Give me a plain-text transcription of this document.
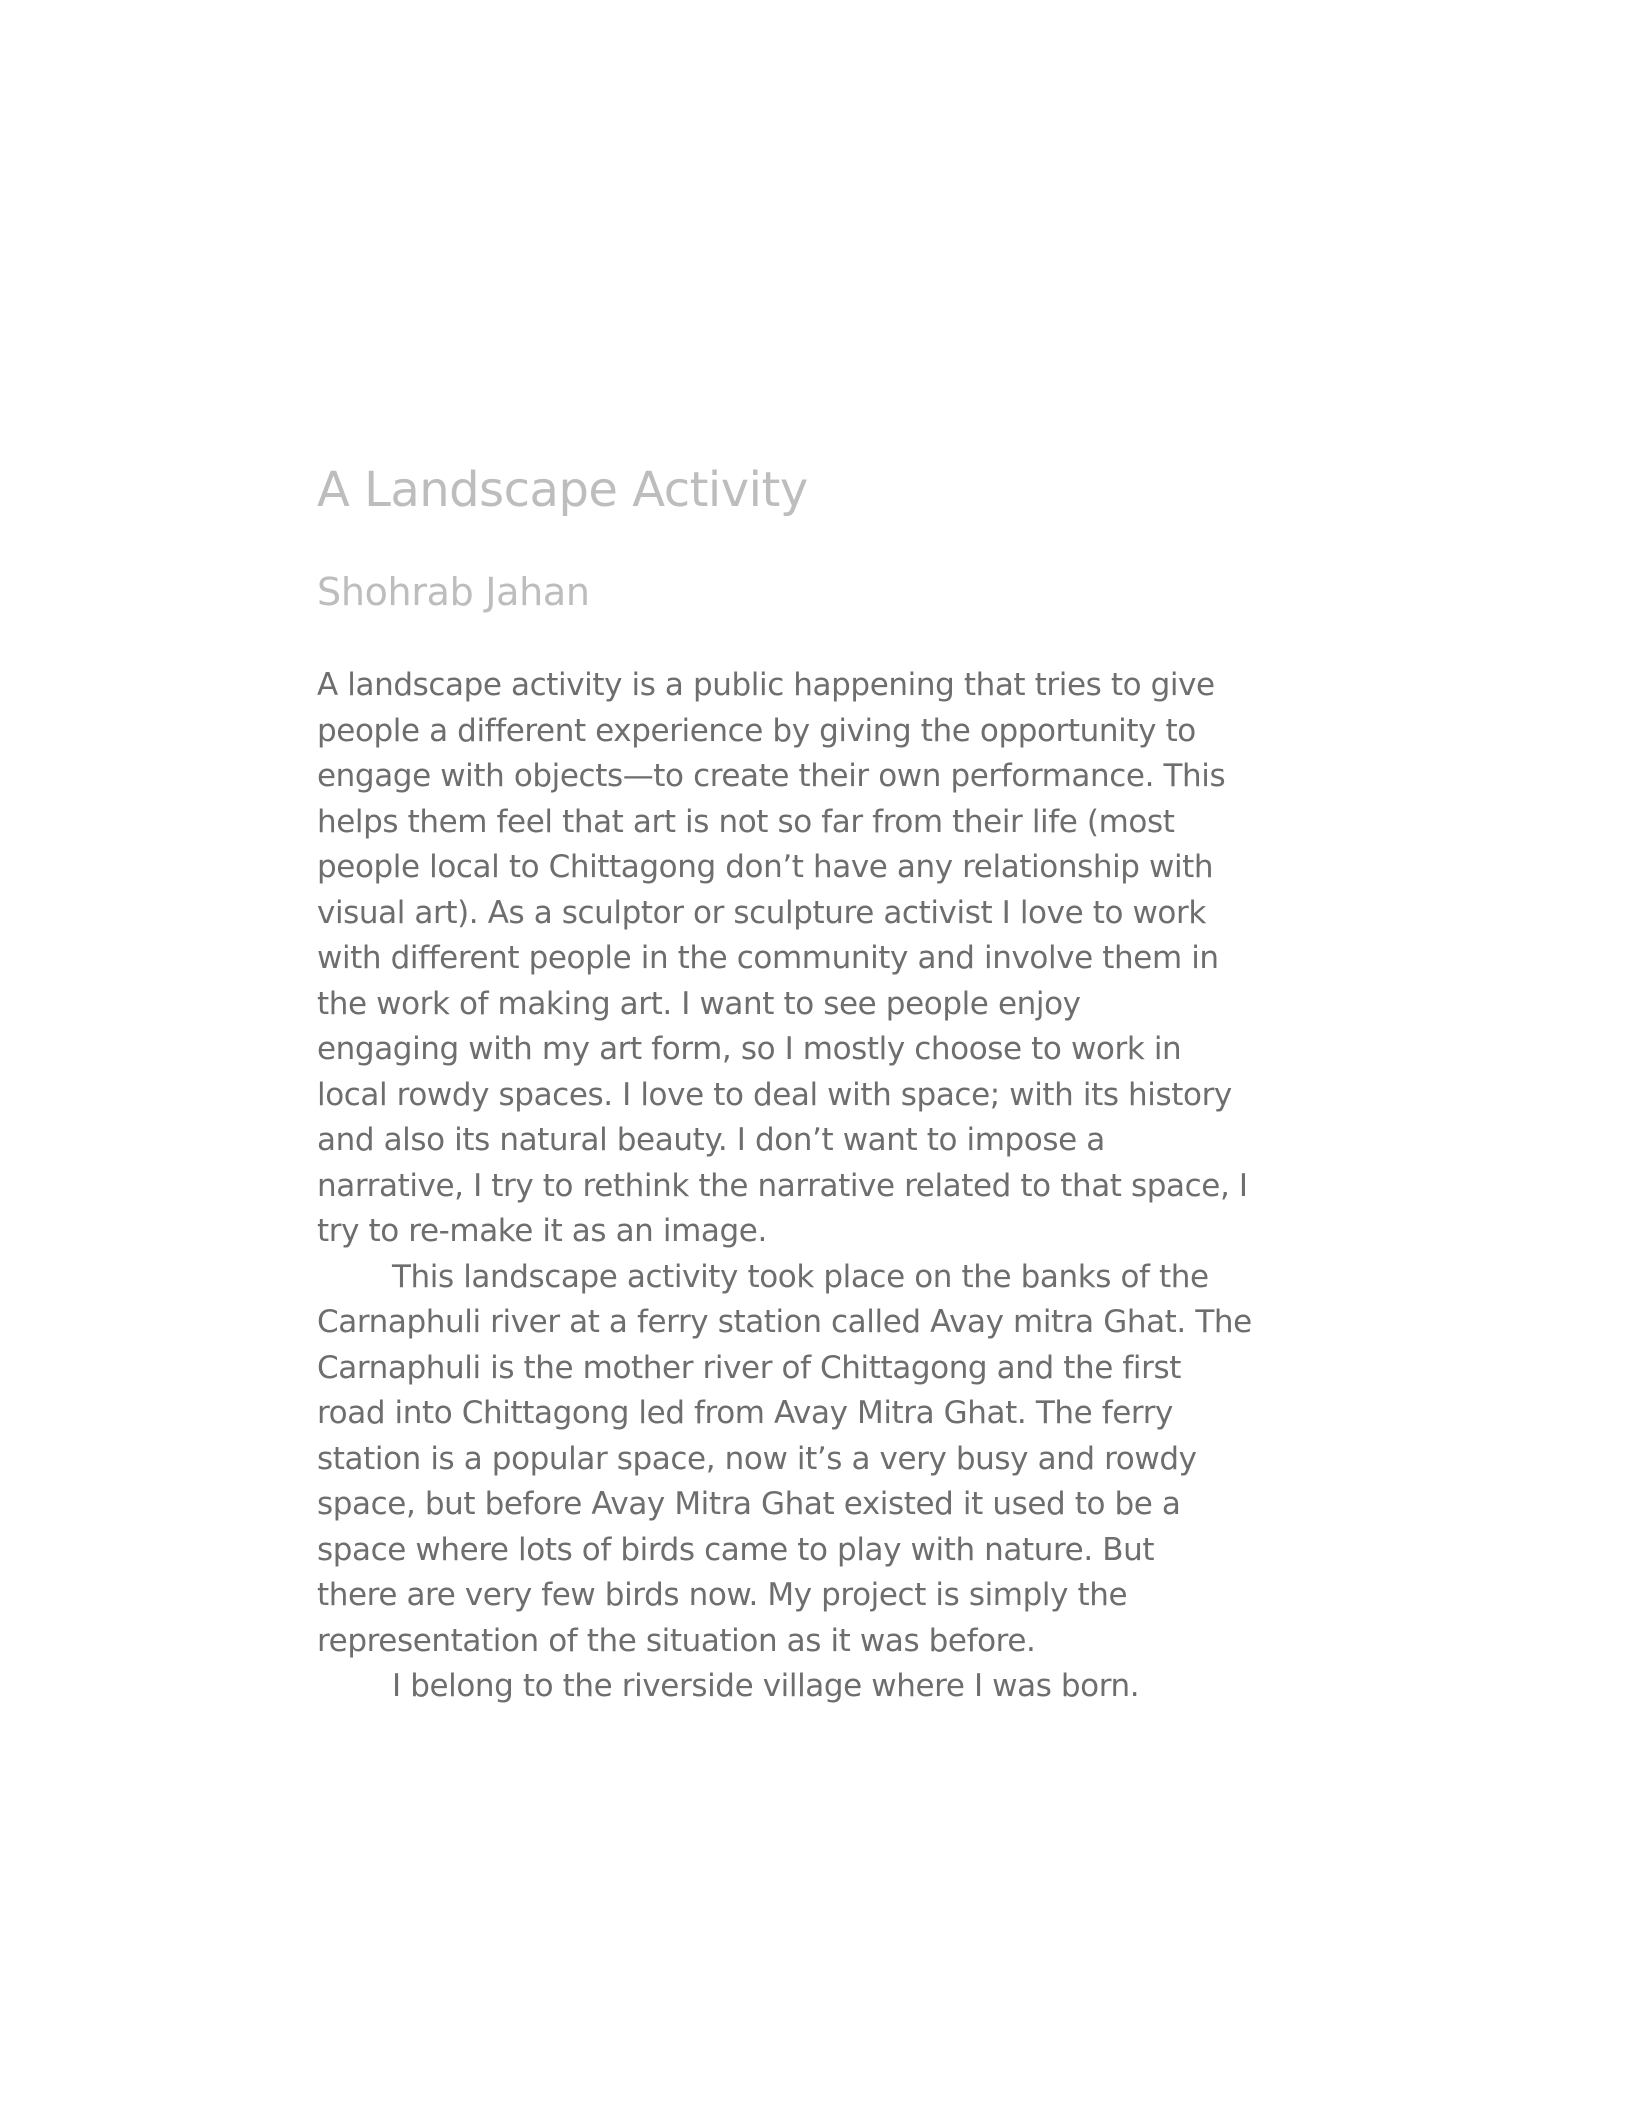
A Landscape Activity
Shohrab Jahan
A landscape activity is a public happening that tries to give
people a different experience by giving the opportunity to
engage with objects—to create their own performance. This
helps them feel that art is not so far from their life (most
people local to Chittagong don’t have any relationship with
visual art). As a sculptor or sculpture activist I love to work
with different people in the community and involve them in
the work of making art. I want to see people enjoy
engaging with my art form, so I mostly choose to work in
local rowdy spaces. I love to deal with space; with its history
and also its natural beauty. I don’t want to impose a
narrative, I try to rethink the narrative related to that space, I
try to re-make it as an image.
This landscape activity took place on the banks of the
Carnaphuli river at a ferry station called Avay mitra Ghat. The
Carnaphuli is the mother river of Chittagong and the first
road into Chittagong led from Avay Mitra Ghat. The ferry
station is a popular space, now it’s a very busy and rowdy
space, but before Avay Mitra Ghat existed it used to be a
space where lots of birds came to play with nature. But
there are very few birds now. My project is simply the
representation of the situation as it was before.
I belong to the riverside village where I was born.
